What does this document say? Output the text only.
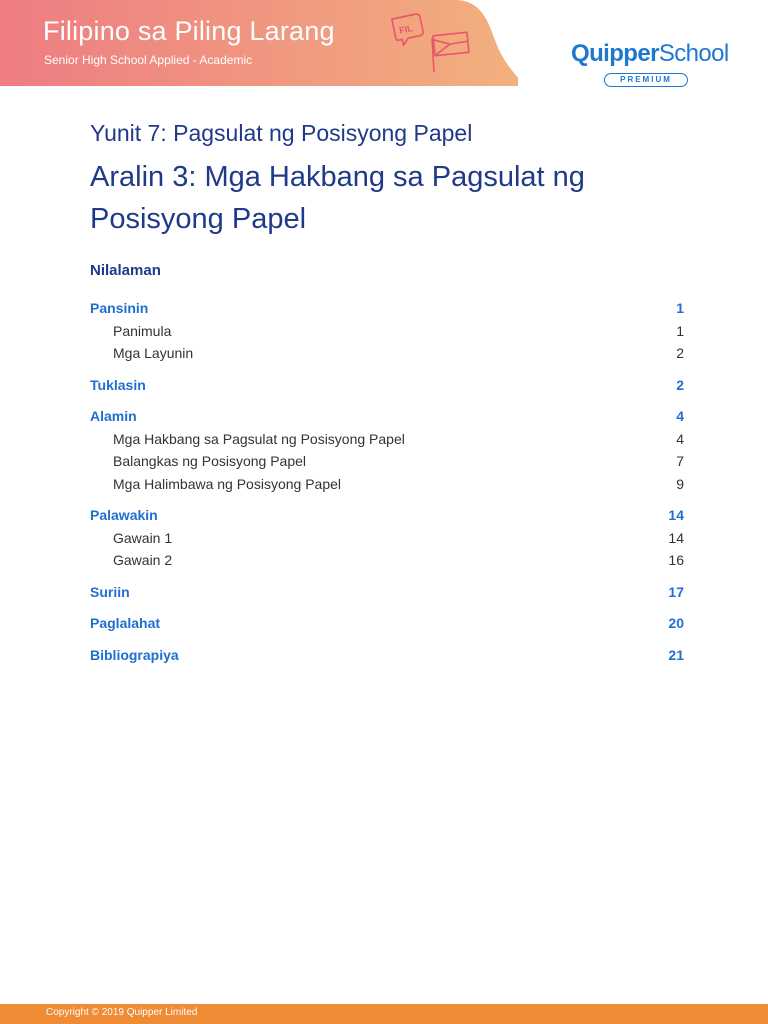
Filipino sa Piling Larang
Senior High School Applied - Academic
FIL
QuipperSchool
PREMIUM
Yunit 7: Pagsulat ng Posisyong Papel
Aralin 3: Mga Hakbang sa Pagsulat ng Posisyong Papel
Nilalaman
Pansinin	1
Panimula	1
Mga Layunin	2
Tuklasin	2
Alamin	4
Mga Hakbang sa Pagsulat ng Posisyong Papel	4
Balangkas ng Posisyong Papel	7
Mga Halimbawa ng Posisyong Papel	9
Palawakin	14
Gawain 1	14
Gawain 2	16
Suriin	17
Paglalahat	20
Bibliograpiya	21
Copyright © 2019 Quipper Limited
